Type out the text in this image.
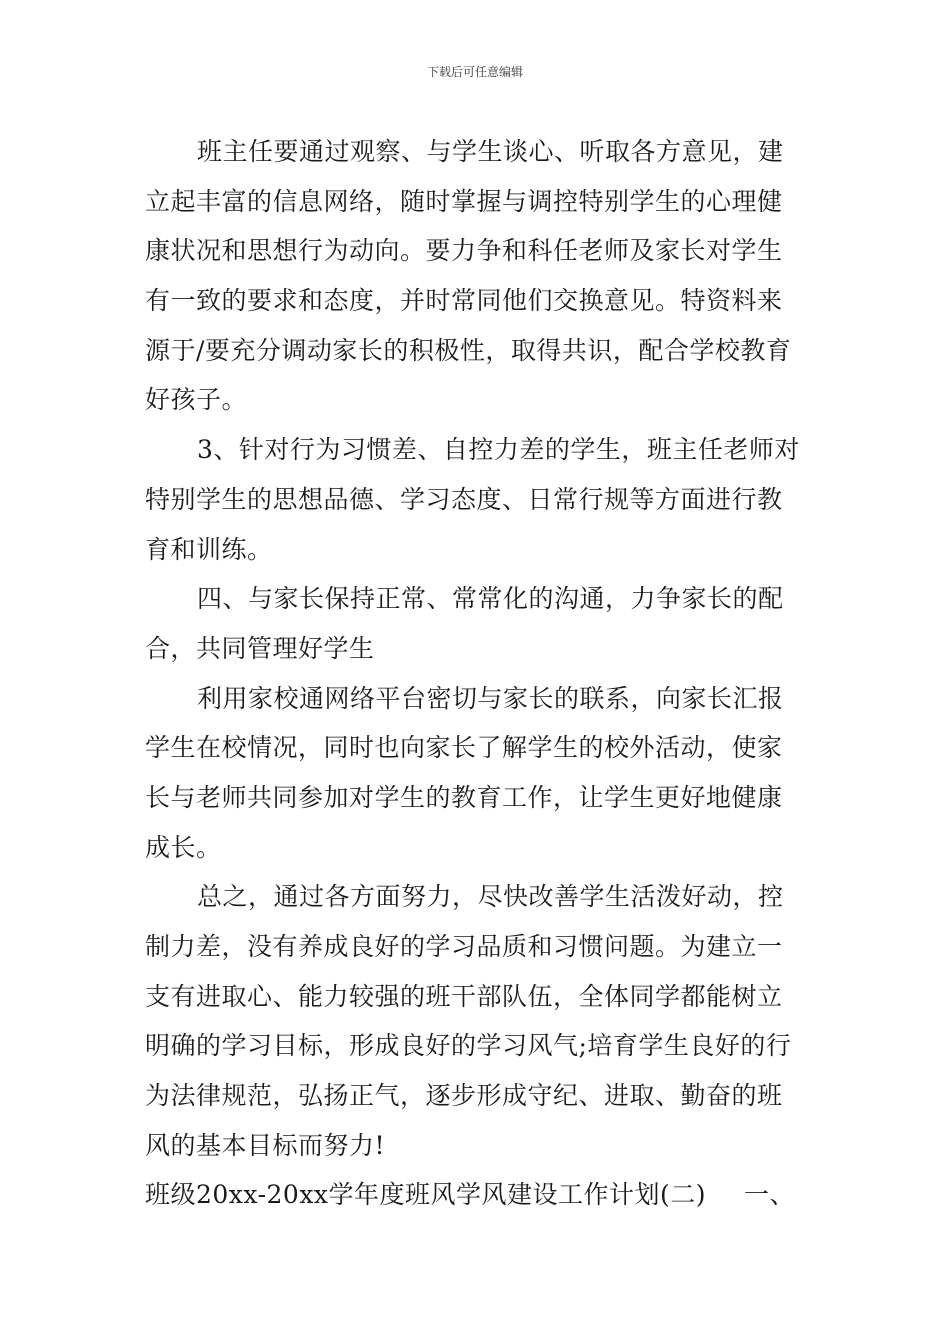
下载后可任意编辑
班主任要通过观察、与学生谈心、听取各方意见，建
立起丰富的信息网络，随时掌握与调控特别学生的心理健
康状况和思想行为动向。要力争和科任老师及家长对学生
有一致的要求和态度，并时常同他们交换意见。特资料来
源于/要充分调动家长的积极性，取得共识，配合学校教育
好孩子。
3、针对行为习惯差、自控力差的学生，班主任老师对
特别学生的思想品德、学习态度、日常行规等方面进行教
育和训练。
四、与家长保持正常、常常化的沟通，力争家长的配
合，共同管理好学生
利用家校通网络平台密切与家长的联系，向家长汇报
学生在校情况，同时也向家长了解学生的校外活动，使家
长与老师共同参加对学生的教育工作，让学生更好地健康
成长。
总之，通过各方面努力，尽快改善学生活泼好动，控
制力差，没有养成良好的学习品质和习惯问题。为建立一
支有进取心、能力较强的班干部队伍，全体同学都能树立
明确的学习目标，形成良好的学习风气;培育学生良好的行
为法律规范，弘扬正气，逐步形成守纪、进取、勤奋的班
风的基本目标而努力!
班级20xx-20xx学年度班风学风建设工作计划(二) 一、
